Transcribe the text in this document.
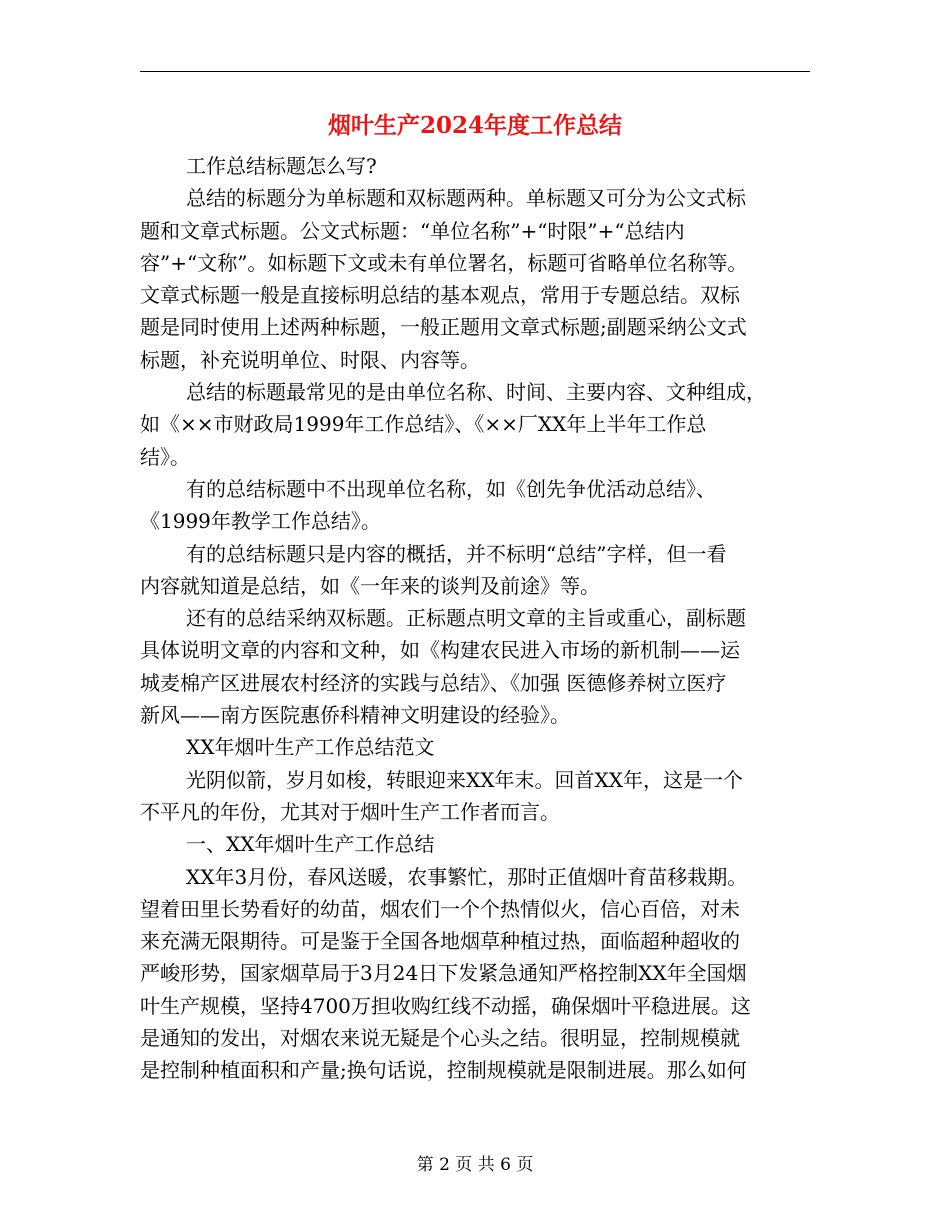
烟叶生产2024年度工作总结
工作总结标题怎么写?
总结的标题分为单标题和双标题两种。单标题又可分为公文式标
题和文章式标题。公文式标题：“单位名称”+“时限”+“总结内
容”+“文称”。如标题下文或未有单位署名，标题可省略单位名称等。
文章式标题一般是直接标明总结的基本观点，常用于专题总结。双标
题是同时使用上述两种标题，一般正题用文章式标题;副题采纳公文式
标题，补充说明单位、时限、内容等。
总结的标题最常见的是由单位名称、时间、主要内容、文种组成，
如《××市财政局1999年工作总结》、《××厂XX年上半年工作总
结》。
有的总结标题中不出现单位名称，如《创先争优活动总结》、
《1999年教学工作总结》。
有的总结标题只是内容的概括，并不标明“总结”字样，但一看
内容就知道是总结，如《一年来的谈判及前途》等。
还有的总结采纳双标题。正标题点明文章的主旨或重心，副标题
具体说明文章的内容和文种，如《构建农民进入市场的新机制——运
城麦棉产区进展农村经济的实践与总结》、《加强 医德修养树立医疗
新风——南方医院惠侨科精神文明建设的经验》。
XX年烟叶生产工作总结范文
光阴似箭，岁月如梭，转眼迎来XX年末。回首XX年，这是一个
不平凡的年份，尤其对于烟叶生产工作者而言。
一、XX年烟叶生产工作总结
XX年3月份，春风送暖，农事繁忙，那时正值烟叶育苗移栽期。
望着田里长势看好的幼苗，烟农们一个个热情似火，信心百倍，对未
来充满无限期待。可是鉴于全国各地烟草种植过热，面临超种超收的
严峻形势，国家烟草局于3月24日下发紧急通知严格控制XX年全国烟
叶生产规模，坚持4700万担收购红线不动摇，确保烟叶平稳进展。这
是通知的发出，对烟农来说无疑是个心头之结。很明显，控制规模就
是控制种植面积和产量;换句话说，控制规模就是限制进展。那么如何
第 2 页 共 6 页
